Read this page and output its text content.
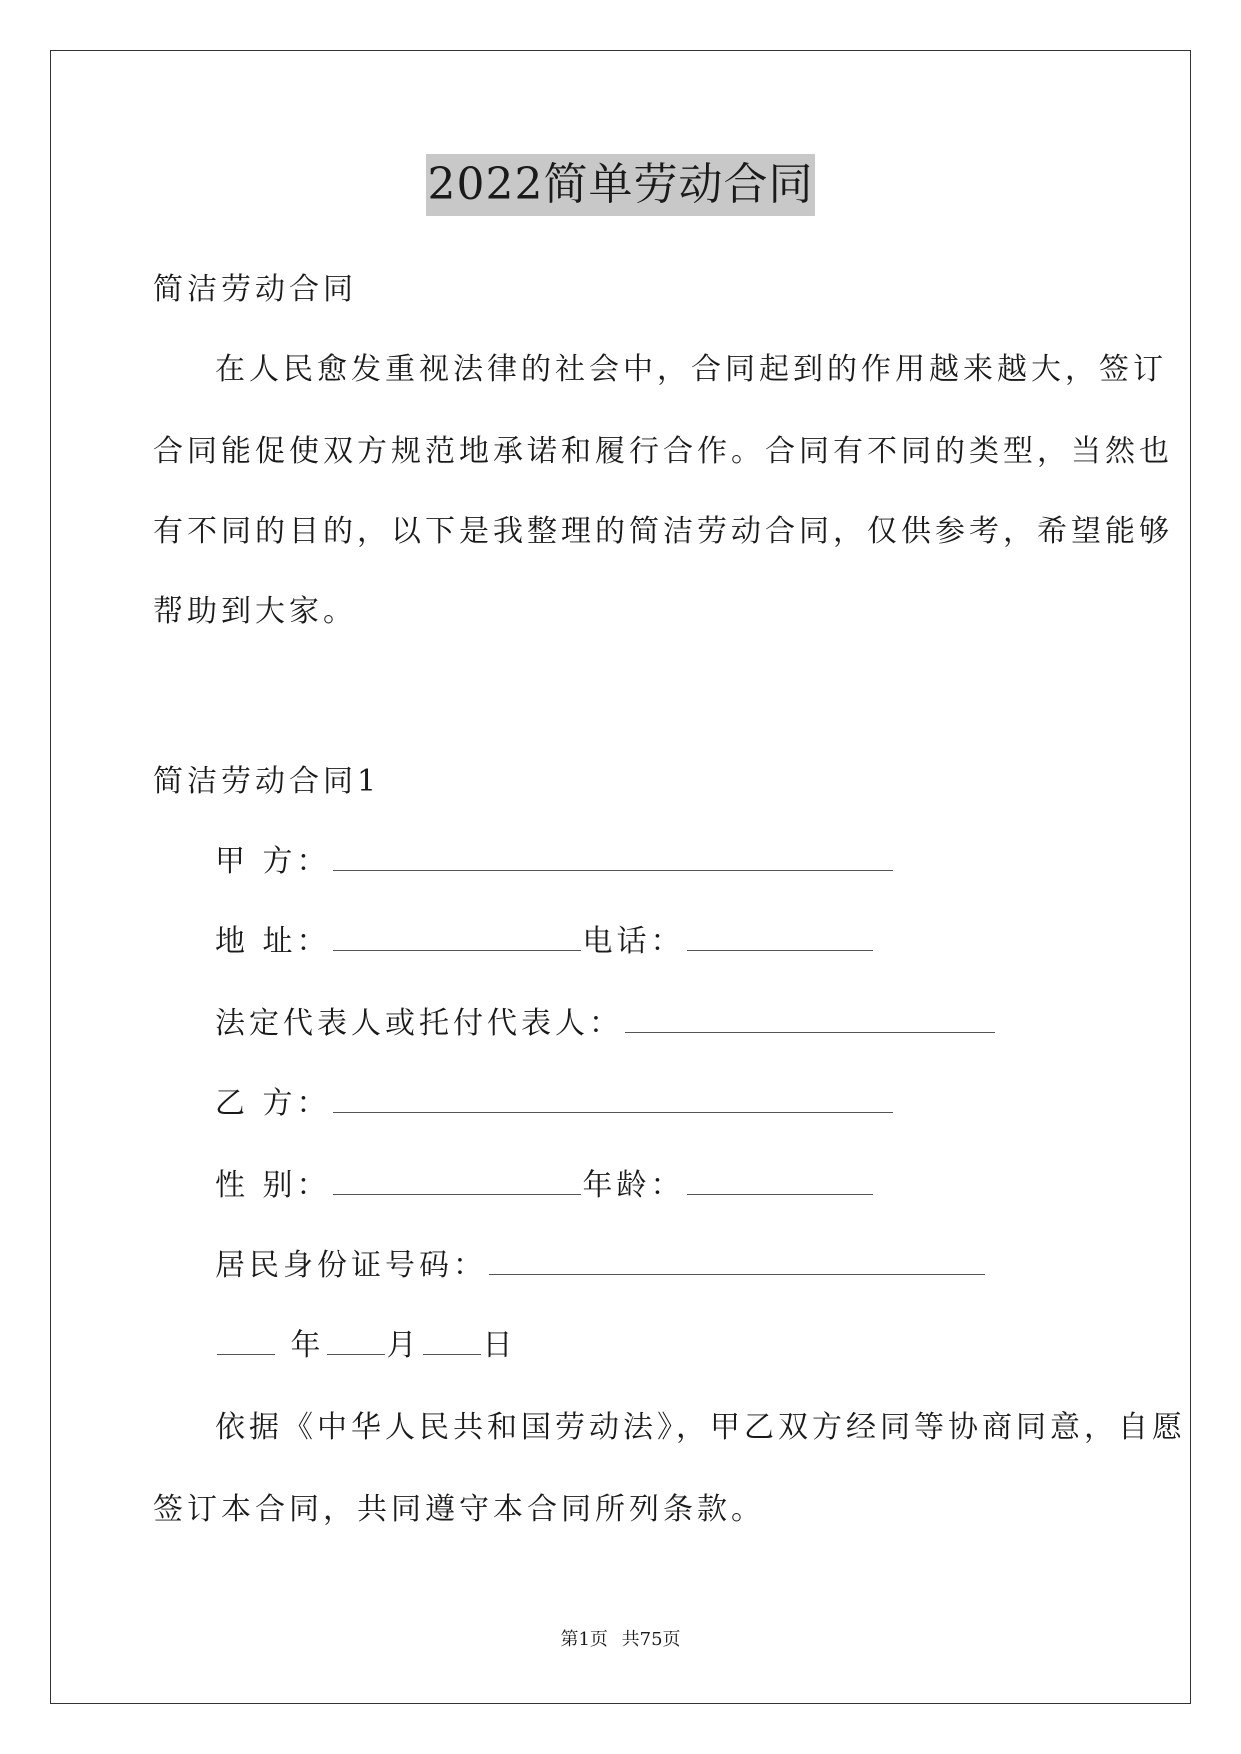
2022简单劳动合同
简洁劳动合同
在人民愈发重视法律的社会中，合同起到的作用越来越大，签订
合同能促使双方规范地承诺和履行合作。合同有不同的类型，当然也
有不同的目的，以下是我整理的简洁劳动合同，仅供参考，希望能够
帮助到大家。
简洁劳动合同1
甲 方：
地 址：	电话：
法定代表人或托付代表人：
乙 方：
性 别：	年龄：
居民身份证号码：
年 月 日
依据《中华人民共和国劳动法》，甲乙双方经同等协商同意，自愿
签订本合同，共同遵守本合同所列条款。
第1页 共75页
